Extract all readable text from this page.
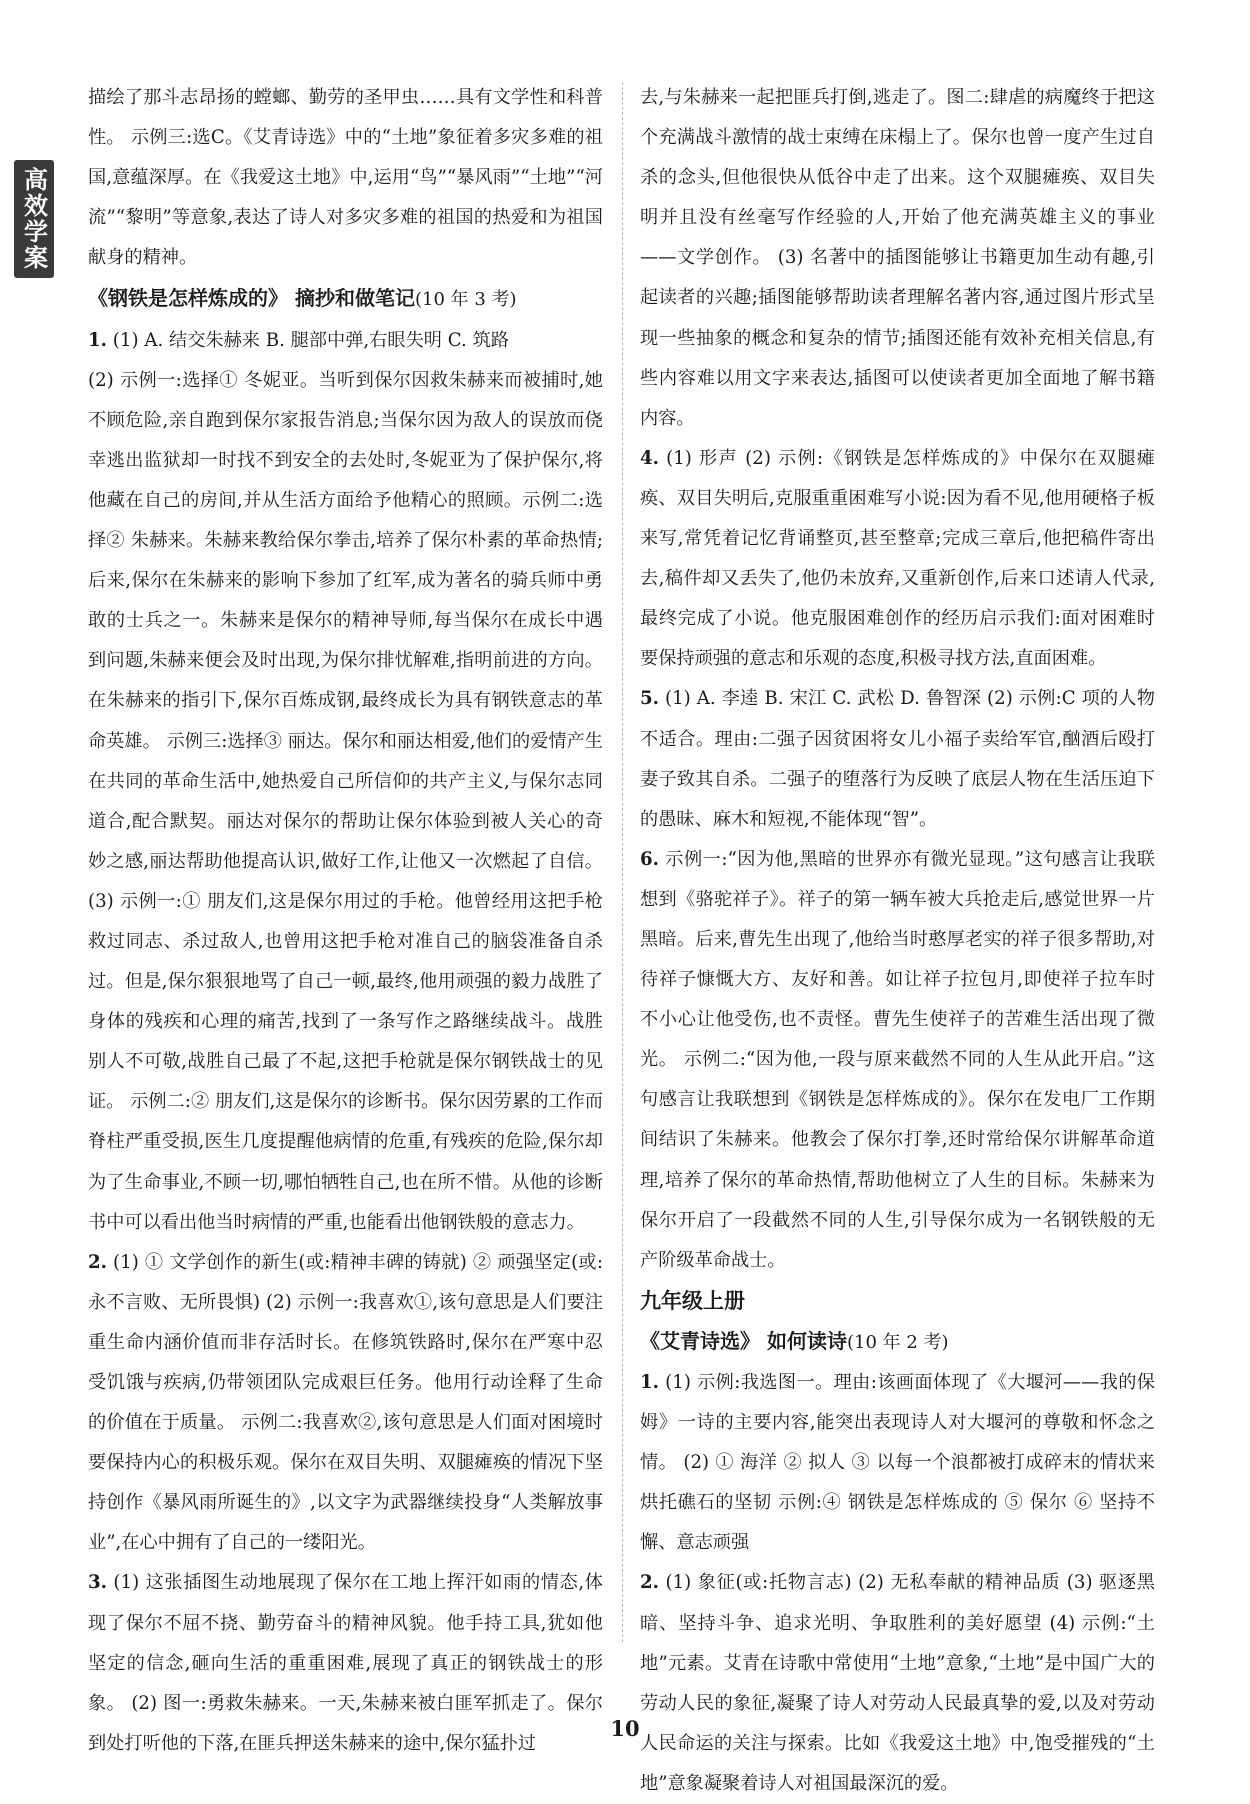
高效学案

描绘了那斗志昂扬的螳螂、勤劳的圣甲虫……具有文学性和科普性。 示例三:选C。《艾青诗选》中的“土地”象征着多灾多难的祖国,意蕴深厚。在《我爱这土地》中,运用“鸟”“暴风雨”“土地”“河流”“黎明”等意象,表达了诗人对多灾多难的祖国的热爱和为祖国献身的精神。

《钢铁是怎样炼成的》 摘抄和做笔记(10 年 3 考)

1. (1) A. 结交朱赫来 B. 腿部中弹,右眼失明 C. 筑路

(2) 示例一:选择① 冬妮亚。当听到保尔因救朱赫来而被捕时,她不顾危险,亲自跑到保尔家报告消息;当保尔因为敌人的误放而侥幸逃出监狱却一时找不到安全的去处时,冬妮亚为了保护保尔,将他藏在自己的房间,并从生活方面给予他精心的照顾。示例二:选择② 朱赫来。朱赫来教给保尔拳击,培养了保尔朴素的革命热情;后来,保尔在朱赫来的影响下参加了红军,成为著名的骑兵师中勇敢的士兵之一。朱赫来是保尔的精神导师,每当保尔在成长中遇到问题,朱赫来便会及时出现,为保尔排忧解难,指明前进的方向。在朱赫来的指引下,保尔百炼成钢,最终成长为具有钢铁意志的革命英雄。 示例三:选择③ 丽达。保尔和丽达相爱,他们的爱情产生在共同的革命生活中,她热爱自己所信仰的共产主义,与保尔志同道合,配合默契。丽达对保尔的帮助让保尔体验到被人关心的奇妙之感,丽达帮助他提高认识,做好工作,让他又一次燃起了自信。 (3) 示例一:① 朋友们,这是保尔用过的手枪。他曾经用这把手枪救过同志、杀过敌人,也曾用这把手枪对准自己的脑袋准备自杀过。但是,保尔狠狠地骂了自己一顿,最终,他用顽强的毅力战胜了身体的残疾和心理的痛苦,找到了一条写作之路继续战斗。战胜别人不可敬,战胜自己最了不起,这把手枪就是保尔钢铁战士的见证。 示例二:② 朋友们,这是保尔的诊断书。保尔因劳累的工作而脊柱严重受损,医生几度提醒他病情的危重,有残疾的危险,保尔却为了生命事业,不顾一切,哪怕牺牲自己,也在所不惜。从他的诊断书中可以看出他当时病情的严重,也能看出他钢铁般的意志力。

2. (1) ① 文学创作的新生(或:精神丰碑的铸就) ② 顽强坚定(或:永不言败、无所畏惧) (2) 示例一:我喜欢①,该句意思是人们要注重生命内涵价值而非存活时长。在修筑铁路时,保尔在严寒中忍受饥饿与疾病,仍带领团队完成艰巨任务。他用行动诠释了生命的价值在于质量。 示例二:我喜欢②,该句意思是人们面对困境时要保持内心的积极乐观。保尔在双目失明、双腿瘫痪的情况下坚持创作《暴风雨所诞生的》,以文字为武器继续投身“人类解放事业”,在心中拥有了自己的一缕阳光。

3. (1) 这张插图生动地展现了保尔在工地上挥汗如雨的情态,体现了保尔不屈不挠、勤劳奋斗的精神风貌。他手持工具,犹如他坚定的信念,砸向生活的重重困难,展现了真正的钢铁战士的形象。 (2) 图一:勇救朱赫来。一天,朱赫来被白匪军抓走了。保尔到处打听他的下落,在匪兵押送朱赫来的途中,保尔猛扑过

去,与朱赫来一起把匪兵打倒,逃走了。图二:肆虐的病魔终于把这个充满战斗激情的战士束缚在床榻上了。保尔也曾一度产生过自杀的念头,但他很快从低谷中走了出来。这个双腿瘫痪、双目失明并且没有丝毫写作经验的人,开始了他充满英雄主义的事业——文学创作。 (3) 名著中的插图能够让书籍更加生动有趣,引起读者的兴趣;插图能够帮助读者理解名著内容,通过图片形式呈现一些抽象的概念和复杂的情节;插图还能有效补充相关信息,有些内容难以用文字来表达,插图可以使读者更加全面地了解书籍内容。

4. (1) 形声 (2) 示例:《钢铁是怎样炼成的》中保尔在双腿瘫痪、双目失明后,克服重重困难写小说:因为看不见,他用硬格子板来写,常凭着记忆背诵整页,甚至整章;完成三章后,他把稿件寄出去,稿件却又丢失了,他仍未放弃,又重新创作,后来口述请人代录,最终完成了小说。他克服困难创作的经历启示我们:面对困难时要保持顽强的意志和乐观的态度,积极寻找方法,直面困难。

5. (1) A. 李逵 B. 宋江 C. 武松 D. 鲁智深 (2) 示例:C 项的人物不适合。理由:二强子因贫困将女儿小福子卖给军官,酗酒后殴打妻子致其自杀。二强子的堕落行为反映了底层人物在生活压迫下的愚昧、麻木和短视,不能体现“智”。

6. 示例一:“因为他,黑暗的世界亦有微光显现。”这句感言让我联想到《骆驼祥子》。祥子的第一辆车被大兵抢走后,感觉世界一片黑暗。后来,曹先生出现了,他给当时憨厚老实的祥子很多帮助,对待祥子慷慨大方、友好和善。如让祥子拉包月,即使祥子拉车时不小心让他受伤,也不责怪。曹先生使祥子的苦难生活出现了微光。 示例二:“因为他,一段与原来截然不同的人生从此开启。”这句感言让我联想到《钢铁是怎样炼成的》。保尔在发电厂工作期间结识了朱赫来。他教会了保尔打拳,还时常给保尔讲解革命道理,培养了保尔的革命热情,帮助他树立了人生的目标。朱赫来为保尔开启了一段截然不同的人生,引导保尔成为一名钢铁般的无产阶级革命战士。

九年级上册
《艾青诗选》 如何读诗(10 年 2 考)

1. (1) 示例:我选图一。理由:该画面体现了《大堰河——我的保姆》一诗的主要内容,能突出表现诗人对大堰河的尊敬和怀念之情。 (2) ① 海洋 ② 拟人 ③ 以每一个浪都被打成碎末的情状来烘托礁石的坚韧 示例:④ 钢铁是怎样炼成的 ⑤ 保尔 ⑥ 坚持不懈、意志顽强

2. (1) 象征(或:托物言志) (2) 无私奉献的精神品质 (3) 驱逐黑暗、坚持斗争、追求光明、争取胜利的美好愿望 (4) 示例:“土地”元素。艾青在诗歌中常使用“土地”意象,“土地”是中国广大的劳动人民的象征,凝聚了诗人对劳动人民最真挚的爱,以及对劳动人民命运的关注与探索。比如《我爱这土地》中,饱受摧残的“土地”意象凝聚着诗人对祖国最深沉的爱。

10
